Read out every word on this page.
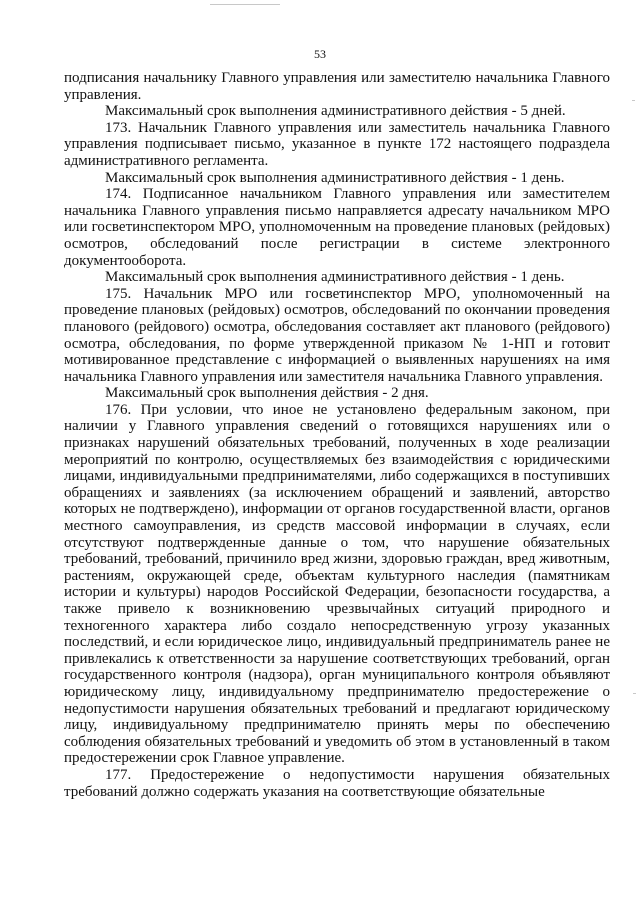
53

подписания начальнику Главного управления или заместителю начальника Главного управления.

Максимальный срок выполнения административного действия - 5 дней.

173. Начальник Главного управления или заместитель начальника Главного управления подписывает письмо, указанное в пункте 172 настоящего подраздела административного регламента.

Максимальный срок выполнения административного действия - 1 день.

174. Подписанное начальником Главного управления или заместителем начальника Главного управления письмо направляется адресату начальником МРО или госветинспектором МРО, уполномоченным на проведение плановых (рейдовых) осмотров, обследований после регистрации в системе электронного документооборота.

Максимальный срок выполнения административного действия - 1 день.

175. Начальник МРО или госветинспектор МРО, уполномоченный на проведение плановых (рейдовых) осмотров, обследований по окончании проведения планового (рейдового) осмотра, обследования составляет акт планового (рейдового) осмотра, обследования, по форме утвержденной приказом № 1-НП и готовит мотивированное представление с информацией о выявленных нарушениях на имя начальника Главного управления или заместителя начальника Главного управления.

Максимальный срок выполнения действия - 2 дня.

176. При условии, что иное не установлено федеральным законом, при наличии у Главного управления сведений о готовящихся нарушениях или о признаках нарушений обязательных требований, полученных в ходе реализации мероприятий по контролю, осуществляемых без взаимодействия с юридическими лицами, индивидуальными предпринимателями, либо содержащихся в поступивших обращениях и заявлениях (за исключением обращений и заявлений, авторство которых не подтверждено), информации от органов государственной власти, органов местного самоуправления, из средств массовой информации в случаях, если отсутствуют подтвержденные данные о том, что нарушение обязательных требований, требований, причинило вред жизни, здоровью граждан, вред животным, растениям, окружающей среде, объектам культурного наследия (памятникам истории и культуры) народов Российской Федерации, безопасности государства, а также привело к возникновению чрезвычайных ситуаций природного и техногенного характера либо создало непосредственную угрозу указанных последствий, и если юридическое лицо, индивидуальный предприниматель ранее не привлекались к ответственности за нарушение соответствующих требований, орган государственного контроля (надзора), орган муниципального контроля объявляют юридическому лицу, индивидуальному предпринимателю предостережение о недопустимости нарушения обязательных требований и предлагают юридическому лицу, индивидуальному предпринимателю принять меры по обеспечению соблюдения обязательных требований и уведомить об этом в установленный в таком предостережении срок Главное управление.

177. Предостережение о недопустимости нарушения обязательных требований должно содержать указания на соответствующие обязательные
